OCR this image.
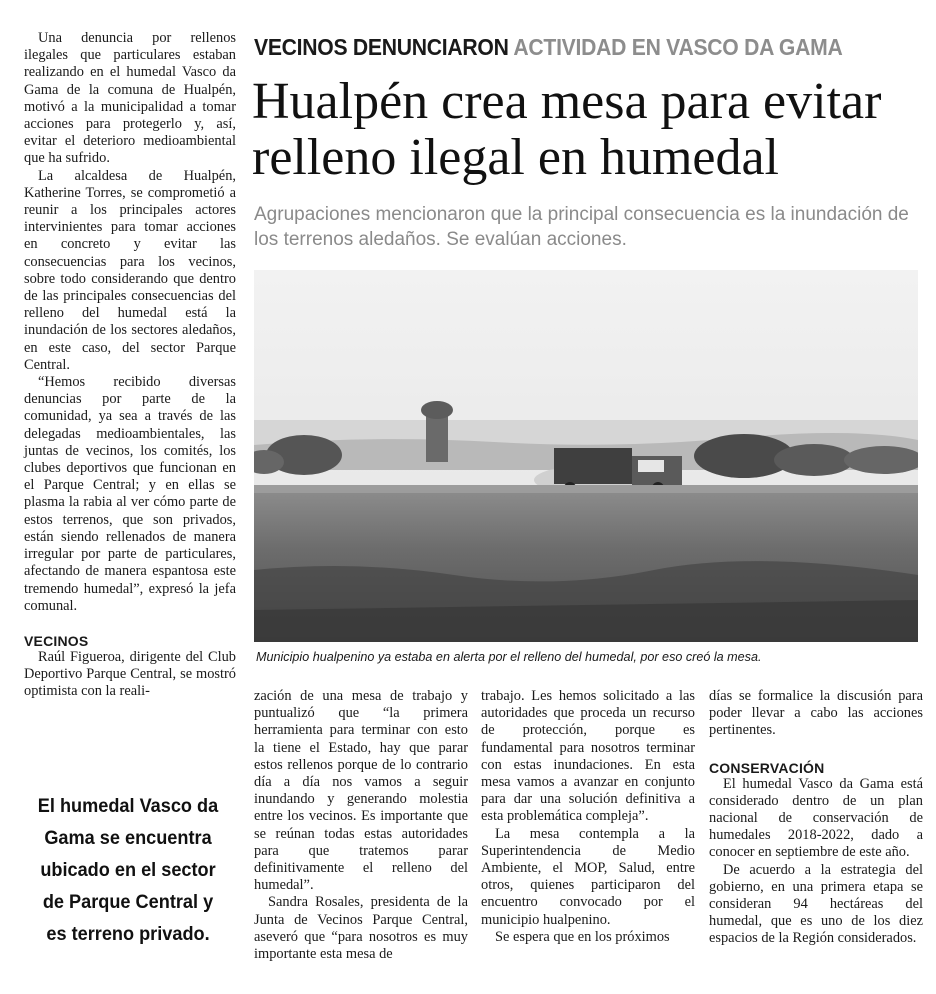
Una denuncia por rellenos ilegales que particulares estaban realizando en el humedal Vasco da Gama de la comuna de Hualpén, motivó a la municipalidad a tomar acciones para protegerlo y, así, evitar el deterioro medioambiental que ha sufrido.

La alcaldesa de Hualpén, Katherine Torres, se comprometió a reunir a los principales actores intervinientes para tomar acciones en concreto y evitar las consecuencias para los vecinos, sobre todo considerando que dentro de las principales consecuencias del relleno del humedal está la inundación de los sectores aledaños, en este caso, del sector Parque Central.

“Hemos recibido diversas denuncias por parte de la comunidad, ya sea a través de las delegadas medioambientales, las juntas de vecinos, los comités, los clubes deportivos que funcionan en el Parque Central; y en ellas se plasma la rabia al ver cómo parte de estos terrenos, que son privados, están siendo rellenados de manera irregular por parte de particulares, afectando de manera espantosa este tremendo humedal”, expresó la jefa comunal.

VECINOS

Raúl Figueroa, dirigente del Club Deportivo Parque Central, se mostró optimista con la reali-

VECINOS DENUNCIARON ACTIVIDAD EN VASCO DA GAMA
Hualpén crea mesa para evitar relleno ilegal en humedal

Agrupaciones mencionaron que la principal consecuencia es la inundación de los terrenos aledaños. Se evalúan acciones.

Municipio hualpenino ya estaba en alerta por el relleno del humedal, por eso creó la mesa.

zación de una mesa de trabajo y puntualizó que “la primera herramienta para terminar con esto la tiene el Estado, hay que parar estos rellenos porque de lo contrario día a día nos vamos a seguir inundando y generando molestia entre los vecinos. Es importante que se reúnan todas estas autoridades para que tratemos parar definitivamente el relleno del humedal”.

Sandra Rosales, presidenta de la Junta de Vecinos Parque Central, aseveró que “para nosotros es muy importante esta mesa de

trabajo. Les hemos solicitado a las autoridades que proceda un recurso de protección, porque es fundamental para nosotros terminar con estas inundaciones. En esta mesa vamos a avanzar en conjunto para dar una solución definitiva a esta problemática compleja”.

La mesa contempla a la Superintendencia de Medio Ambiente, el MOP, Salud, entre otros, quienes participaron del encuentro convocado por el municipio hualpenino.

Se espera que en los próximos

días se formalice la discusión para poder llevar a cabo las acciones pertinentes.

CONSERVACIÓN

El humedal Vasco da Gama está considerado dentro de un plan nacional de conservación de humedales 2018-2022, dado a conocer en septiembre de este año.

De acuerdo a la estrategia del gobierno, en una primera etapa se consideran 94 hectáreas del humedal, que es uno de los diez espacios de la Región considerados.

El humedal Vasco da Gama se encuentra ubicado en el sector de Parque Central y es terreno privado.
